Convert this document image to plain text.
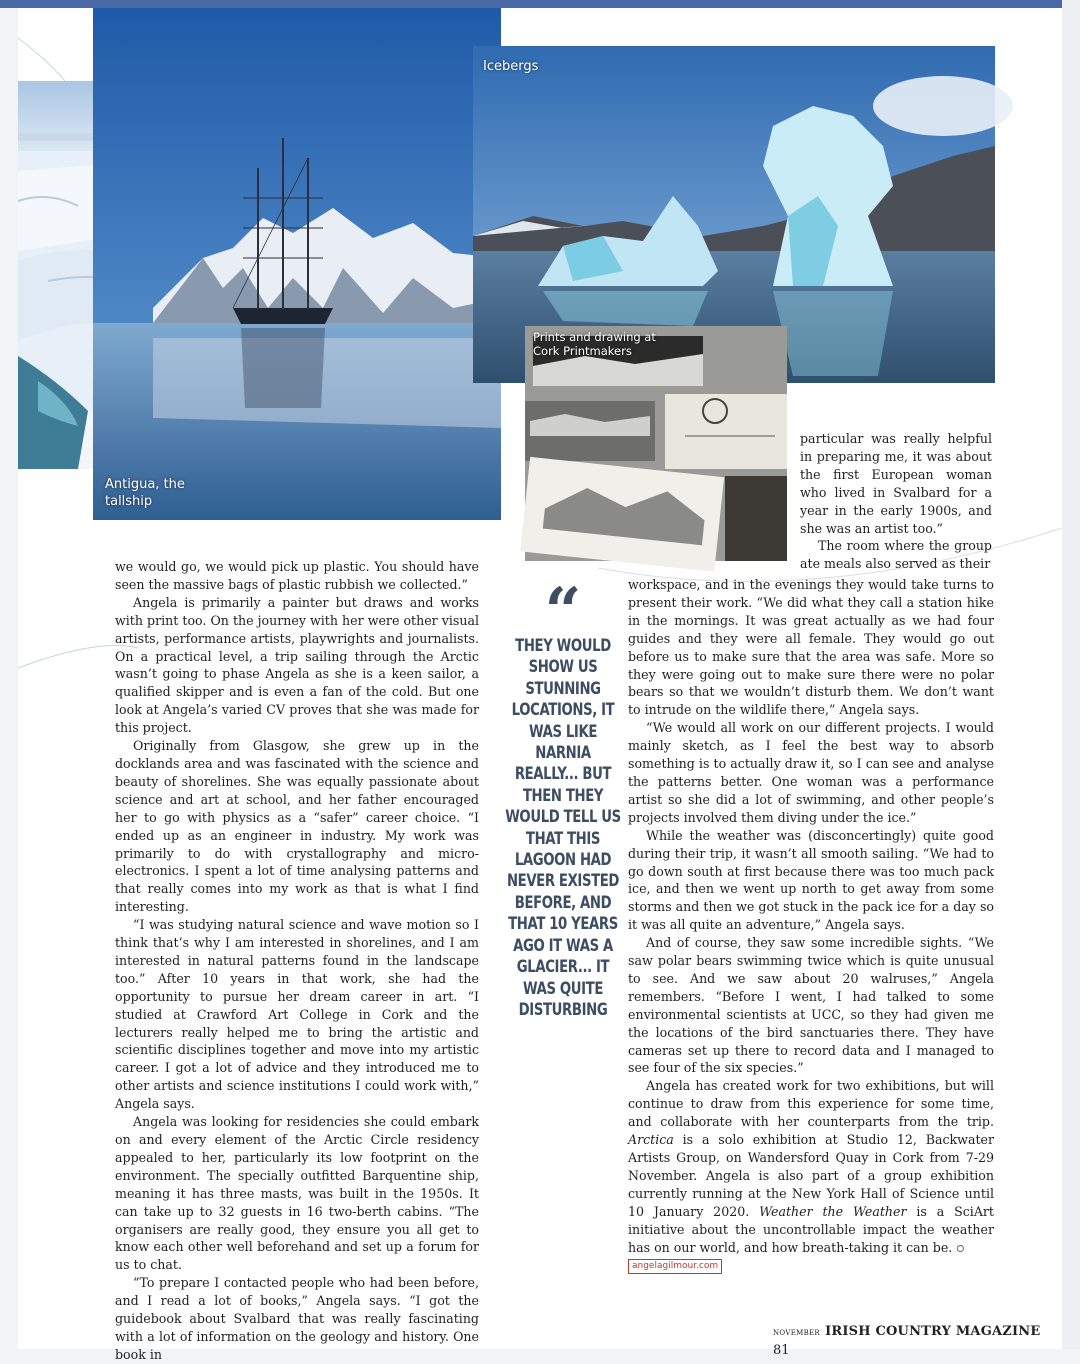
Antigua, the tallship
Icebergs
Prints and drawing at Cork Printmakers

particular was really helpful in preparing me, it was about the first European woman who lived in Svalbard for a year in the early 1900s, and she was an artist too.”

The room where the group ate meals also served as their

we would go, we would pick up plastic. You should have seen the massive bags of plastic rubbish we collected.”

Angela is primarily a painter but draws and works with print too. On the journey with her were other visual artists, performance artists, playwrights and journalists. On a practical level, a trip sailing through the Arctic wasn’t going to phase Angela as she is a keen sailor, a qualified skipper and is even a fan of the cold. But one look at Angela’s varied CV proves that she was made for this project.

Originally from Glasgow, she grew up in the docklands area and was fascinated with the science and beauty of shorelines. She was equally passionate about science and art at school, and her father encouraged her to go with physics as a “safer” career choice. “I ended up as an engineer in industry. My work was primarily to do with crystallography and micro-electronics. I spent a lot of time analysing patterns and that really comes into my work as that is what I find interesting.

“I was studying natural science and wave motion so I think that’s why I am interested in shorelines, and I am interested in natural patterns found in the landscape too.” After 10 years in that work, she had the opportunity to pursue her dream career in art. “I studied at Crawford Art College in Cork and the lecturers really helped me to bring the artistic and scientific disciplines together and move into my artistic career. I got a lot of advice and they introduced me to other artists and science institutions I could work with,” Angela says.

Angela was looking for residencies she could embark on and every element of the Arctic Circle residency appealed to her, particularly its low footprint on the environment. The specially outfitted Barquentine ship, meaning it has three masts, was built in the 1950s. It can take up to 32 guests in 16 two-berth cabins. “The organisers are really good, they ensure you all get to know each other well beforehand and set up a forum for us to chat.

“To prepare I contacted people who had been before, and I read a lot of books,” Angela says. “I got the guidebook about Svalbard that was really fascinating with a lot of information on the geology and history. One book in

“
THEY WOULD SHOW US STUNNING LOCATIONS, IT WAS LIKE NARNIA REALLY... BUT THEN THEY WOULD TELL US THAT THIS LAGOON HAD NEVER EXISTED BEFORE, AND THAT 10 YEARS AGO IT WAS A GLACIER... IT WAS QUITE DISTURBING

workspace, and in the evenings they would take turns to present their work. “We did what they call a station hike in the mornings. It was great actually as we had four guides and they were all female. They would go out before us to make sure that the area was safe. More so they were going out to make sure there were no polar bears so that we wouldn’t disturb them. We don’t want to intrude on the wildlife there,” Angela says.

“We would all work on our different projects. I would mainly sketch, as I feel the best way to absorb something is to actually draw it, so I can see and analyse the patterns better. One woman was a performance artist so she did a lot of swimming, and other people’s projects involved them diving under the ice.”

While the weather was (disconcertingly) quite good during their trip, it wasn’t all smooth sailing. “We had to go down south at first because there was too much pack ice, and then we went up north to get away from some storms and then we got stuck in the pack ice for a day so it was all quite an adventure,” Angela says.

And of course, they saw some incredible sights. “We saw polar bears swimming twice which is quite unusual to see. And we saw about 20 walruses,” Angela remembers. “Before I went, I had talked to some environmental scientists at UCC, so they had given me the locations of the bird sanctuaries there. They have cameras set up there to record data and I managed to see four of the six species.”

Angela has created work for two exhibitions, but will continue to draw from this experience for some time, and collaborate with her counterparts from the trip. Arctica is a solo exhibition at Studio 12, Backwater Artists Group, on Wandersford Quay in Cork from 7-29 November. Angela is also part of a group exhibition currently running at the New York Hall of Science until 10 January 2020. Weather the Weather is a SciArt initiative about the uncontrollable impact the weather has on our world, and how breath-taking it can be. ⭘

angelagilmour.com
NOVEMBER IRISH COUNTRY MAGAZINE 81
